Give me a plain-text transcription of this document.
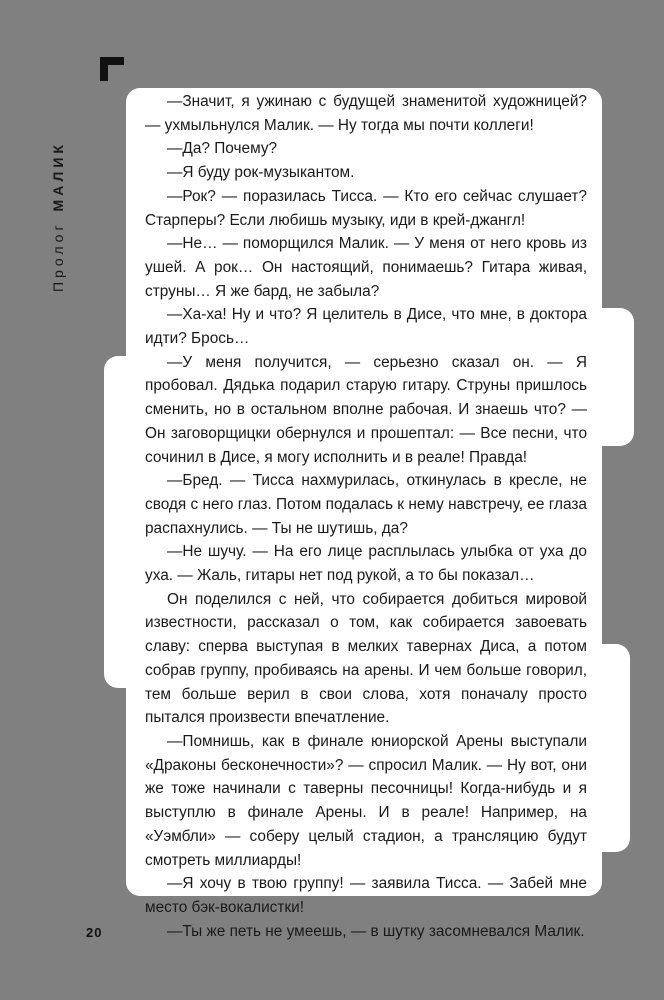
ПрологМАЛИК

—Значит, я ужинаю с будущей знаменитой художницей? — ухмыльнулся Малик. — Ну тогда мы почти коллеги!

—Да? Почему?

—Я буду рок-музыкантом.

—Рок? — поразилась Тисса. — Кто его сейчас слушает? Старперы? Если любишь музыку, иди в крей-джангл!

—Не… — поморщился Малик. — У меня от него кровь из ушей. А рок… Он настоящий, понимаешь? Гитара живая, струны… Я же бард, не забыла?

—Ха-ха! Ну и что? Я целитель в Дисе, что мне, в доктора идти? Брось…

—У меня получится, — серьезно сказал он. — Я пробовал. Дядька подарил старую гитару. Струны пришлось сменить, но в остальном вполне рабочая. И знаешь что? — Он заговорщицки обернулся и прошептал: — Все песни, что сочинил в Дисе, я могу исполнить и в реале! Правда!

—Бред. — Тисса нахмурилась, откинулась в кресле, не сводя с него глаз. Потом подалась к нему навстречу, ее глаза распахнулись. — Ты не шутишь, да?

—Не шучу. — На его лице расплылась улыбка от уха до уха. — Жаль, гитары нет под рукой, а то бы показал…

Он поделился с ней, что собирается добиться мировой известности, рассказал о том, как собирается завоевать славу: сперва выступая в мелких тавернах Диса, а потом собрав группу, пробиваясь на арены. И чем больше говорил, тем больше верил в свои слова, хотя поначалу просто пытался произвести впечатление.

—Помнишь, как в финале юниорской Арены выступали «Драконы бесконечности»? — спросил Малик. — Ну вот, они же тоже начинали с таверны песочницы! Когда-нибудь и я выступлю в финале Арены. И в реале! Например, на «Уэмбли» — соберу целый стадион, а трансляцию будут смотреть миллиарды!

—Я хочу в твою группу! — заявила Тисса. — Забей мне место бэк-вокалистки!

—Ты же петь не умеешь, — в шутку засомневался Малик.

20
